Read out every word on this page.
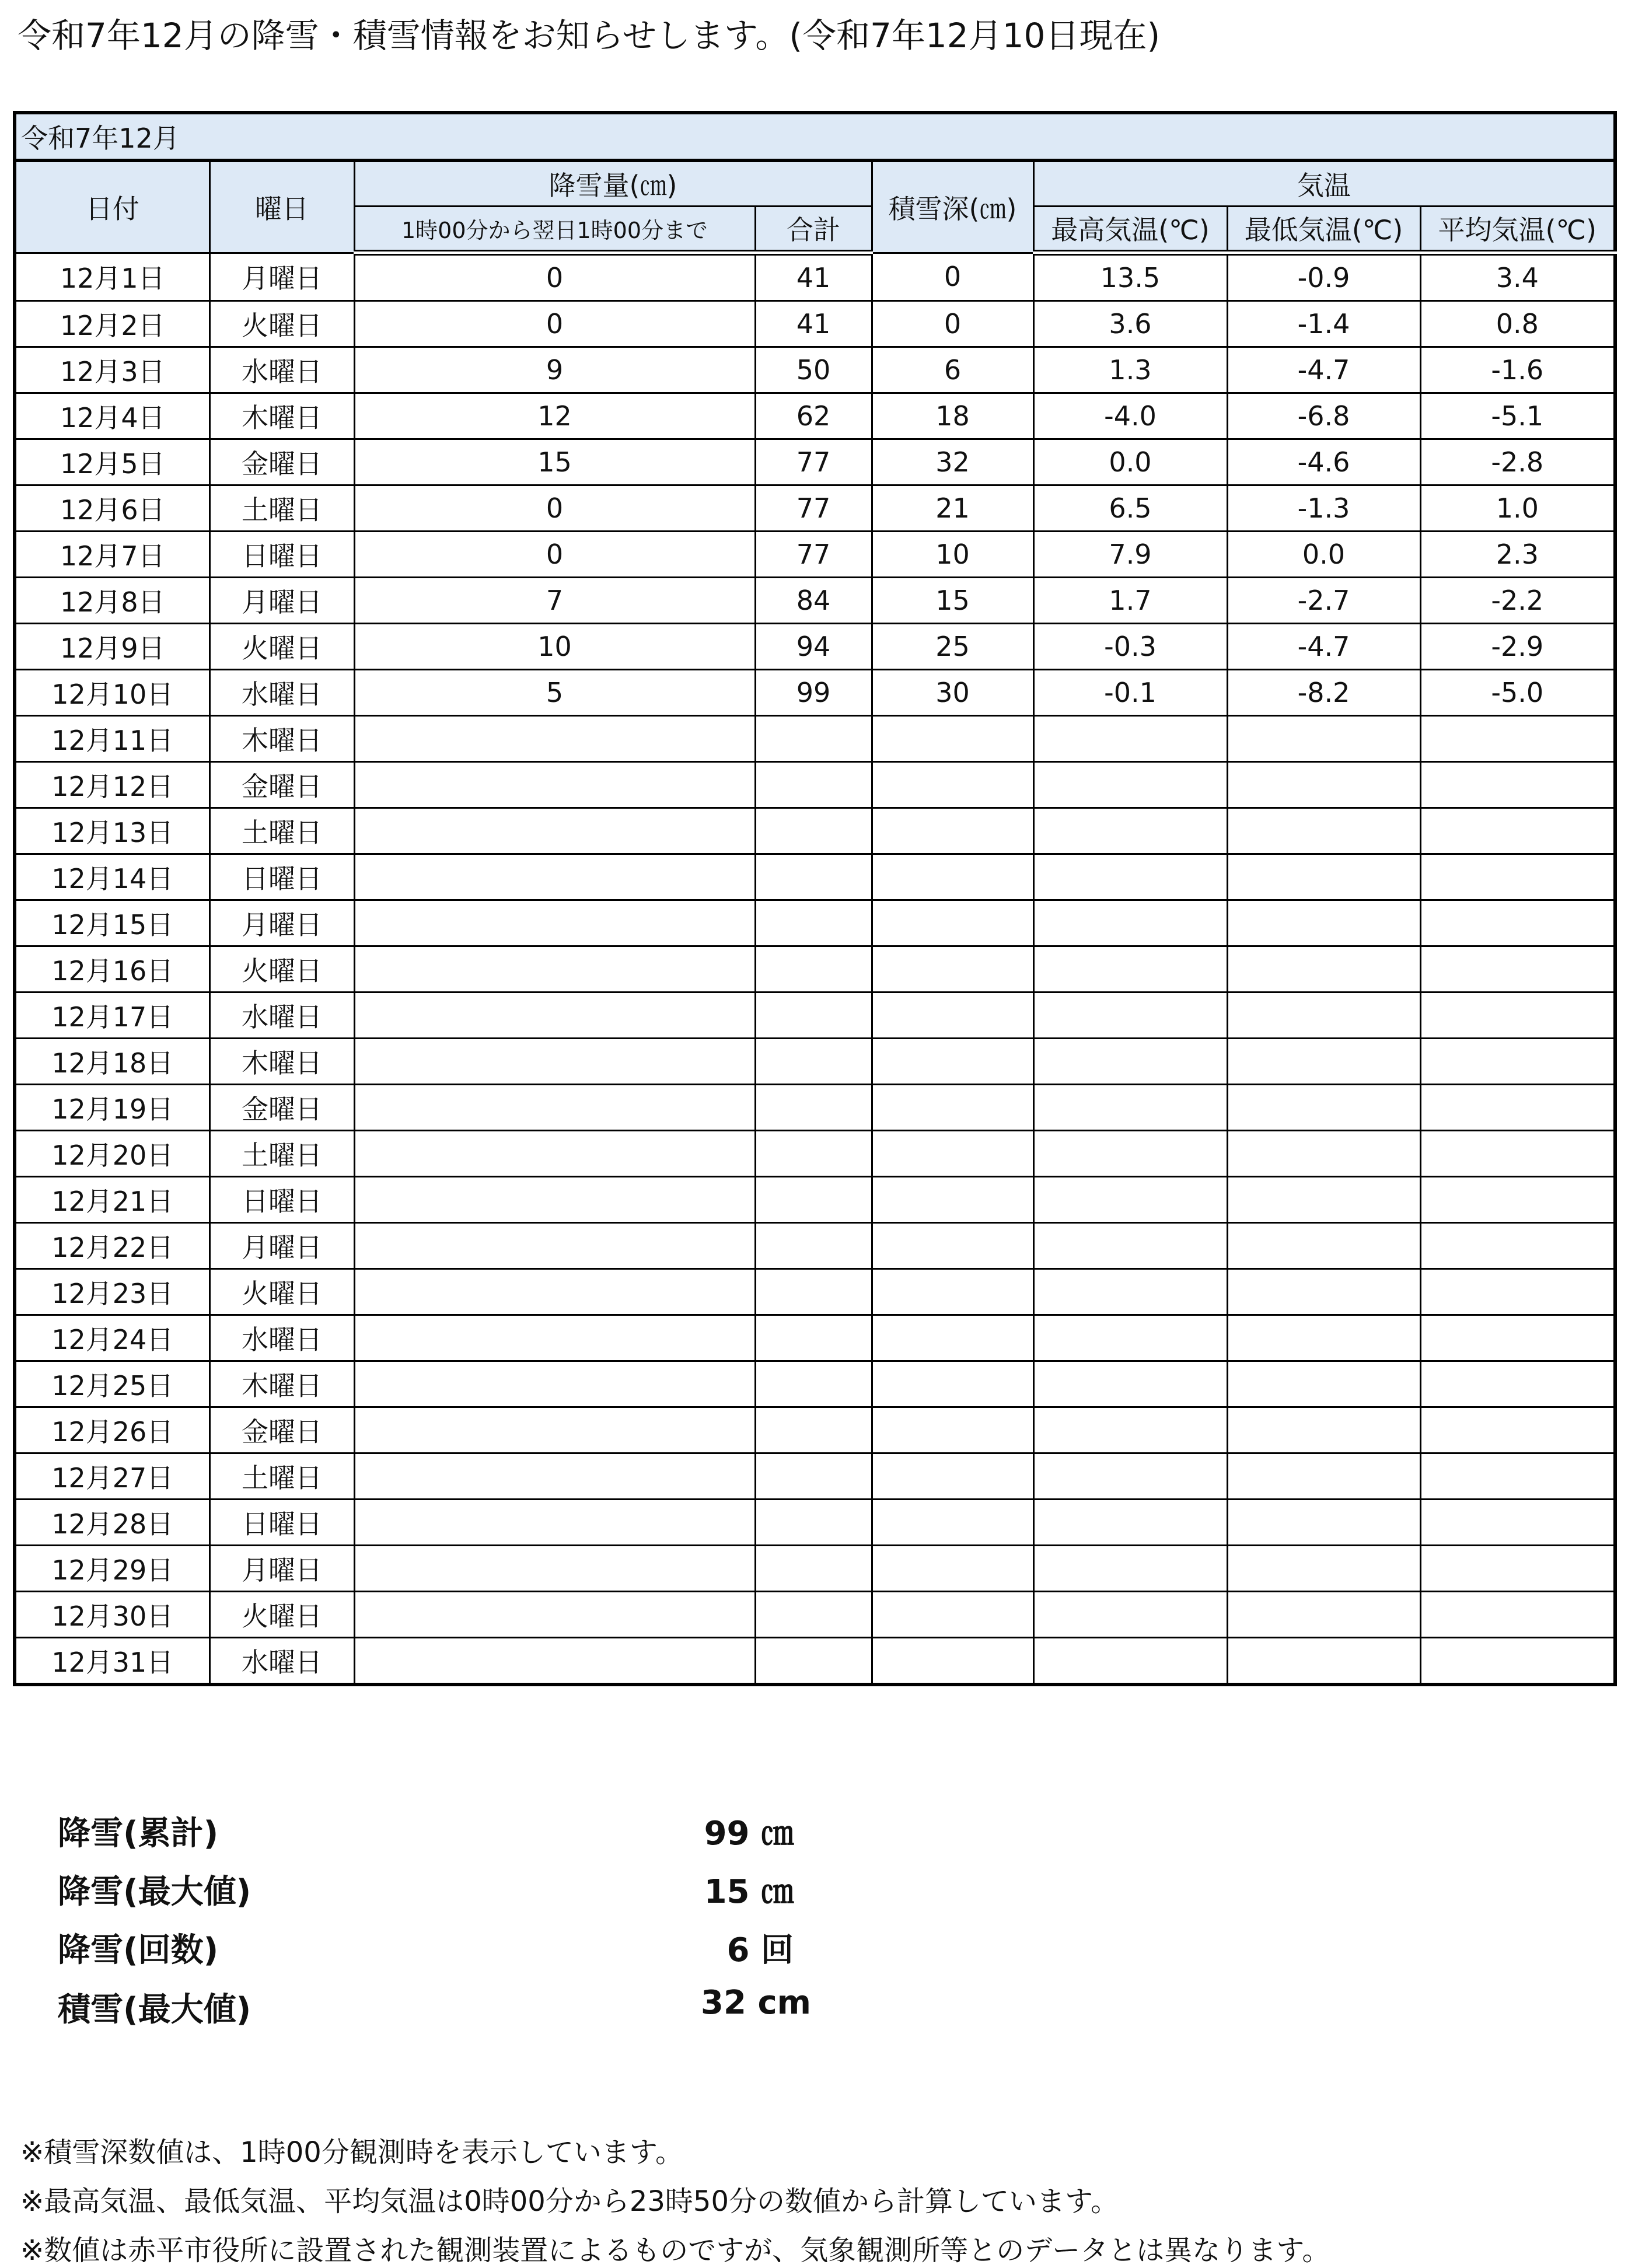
令和7年12月の降雪・積雪情報をお知らせします。(令和7年12月10日現在)
令和7年12月							
日付	曜日	降雪量(㎝)		積雪深(㎝)	気温		
		1時00分から翌日1時00分まで	合計		最高気温(℃)	最低気温(℃)	平均気温(℃)
12月1日	月曜日	0	41	0	13.5	-0.9	3.4
12月2日	火曜日	0	41	0	3.6	-1.4	0.8
12月3日	水曜日	9	50	6	1.3	-4.7	-1.6
12月4日	木曜日	12	62	18	-4.0	-6.8	-5.1
12月5日	金曜日	15	77	32	0.0	-4.6	-2.8
12月6日	土曜日	0	77	21	6.5	-1.3	1.0
12月7日	日曜日	0	77	10	7.9	0.0	2.3
12月8日	月曜日	7	84	15	1.7	-2.7	-2.2
12月9日	火曜日	10	94	25	-0.3	-4.7	-2.9
12月10日	水曜日	5	99	30	-0.1	-8.2	-5.0
12月11日	木曜日						
12月12日	金曜日						
12月13日	土曜日						
12月14日	日曜日						
12月15日	月曜日						
12月16日	火曜日						
12月17日	水曜日						
12月18日	木曜日						
12月19日	金曜日						
12月20日	土曜日						
12月21日	日曜日						
12月22日	月曜日						
12月23日	火曜日						
12月24日	水曜日						
12月25日	木曜日						
12月26日	金曜日						
12月27日	土曜日						
12月28日	日曜日						
12月29日	月曜日						
12月30日	火曜日						
12月31日	水曜日						
降雪(累計)	99 ㎝
降雪(最大値)	15 ㎝
降雪(回数)	6 回
積雪(最大値)	32 cm
※積雪深数値は、1時00分観測時を表示しています。
※最高気温、最低気温、平均気温は0時00分から23時50分の数値から計算しています。
※数値は赤平市役所に設置された観測装置によるものですが、気象観測所等とのデータとは異なります。
